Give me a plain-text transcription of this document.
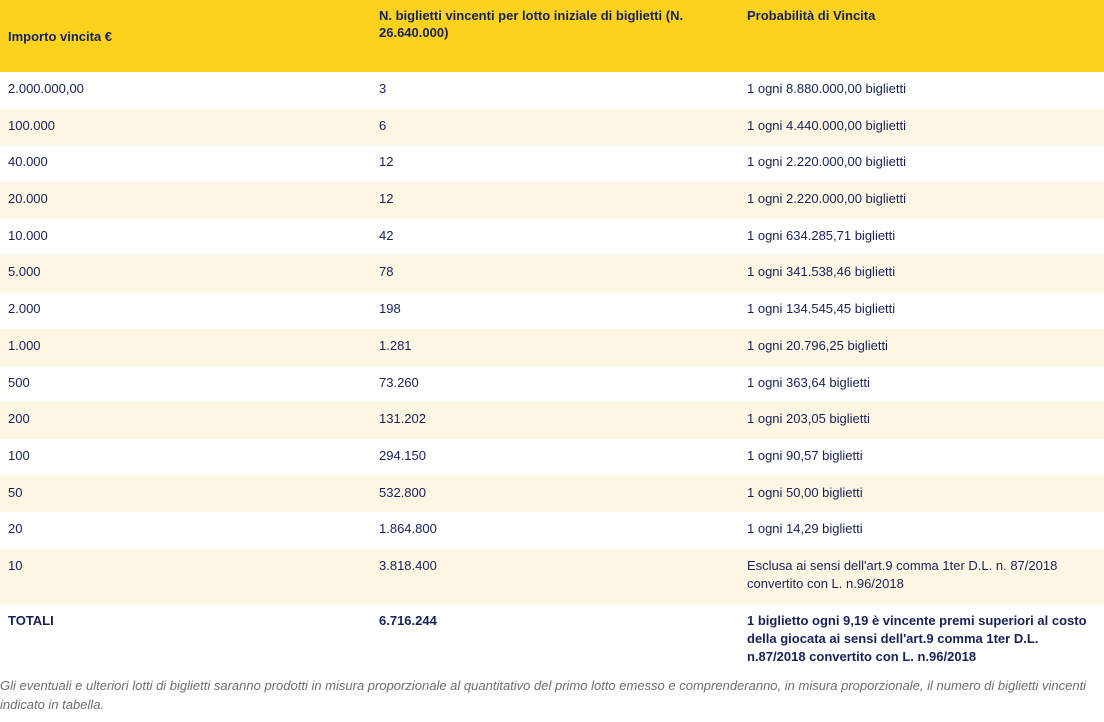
Importo vincita €	N. biglietti vincenti per lotto iniziale di biglietti (N. 26.640.000)	Probabilità di Vincita
2.000.000,00	3	1 ogni 8.880.000,00 biglietti
100.000	6	1 ogni 4.440.000,00 biglietti
40.000	12	1 ogni 2.220.000,00 biglietti
20.000	12	1 ogni 2.220.000,00 biglietti
10.000	42	1 ogni 634.285,71 biglietti
5.000	78	1 ogni 341.538,46 biglietti
2.000	198	1 ogni 134.545,45 biglietti
1.000	1.281	1 ogni 20.796,25 biglietti
500	73.260	1 ogni 363,64 biglietti
200	131.202	1 ogni 203,05 biglietti
100	294.150	1 ogni 90,57 biglietti
50	532.800	1 ogni 50,00 biglietti
20	1.864.800	1 ogni 14,29 biglietti
10	3.818.400	Esclusa ai sensi dell'art.9 comma 1ter D.L. n. 87/2018 convertito con L. n.96/2018
TOTALI	6.716.244	1 biglietto ogni 9,19 è vincente premi superiori al costo della giocata ai sensi dell'art.9 comma 1ter D.L. n.87/2018 convertito con L. n.96/2018
Gli eventuali e ulteriori lotti di biglietti saranno prodotti in misura proporzionale al quantitativo del primo lotto emesso e comprenderanno, in misura proporzionale, il numero di biglietti vincenti indicato in tabella.
